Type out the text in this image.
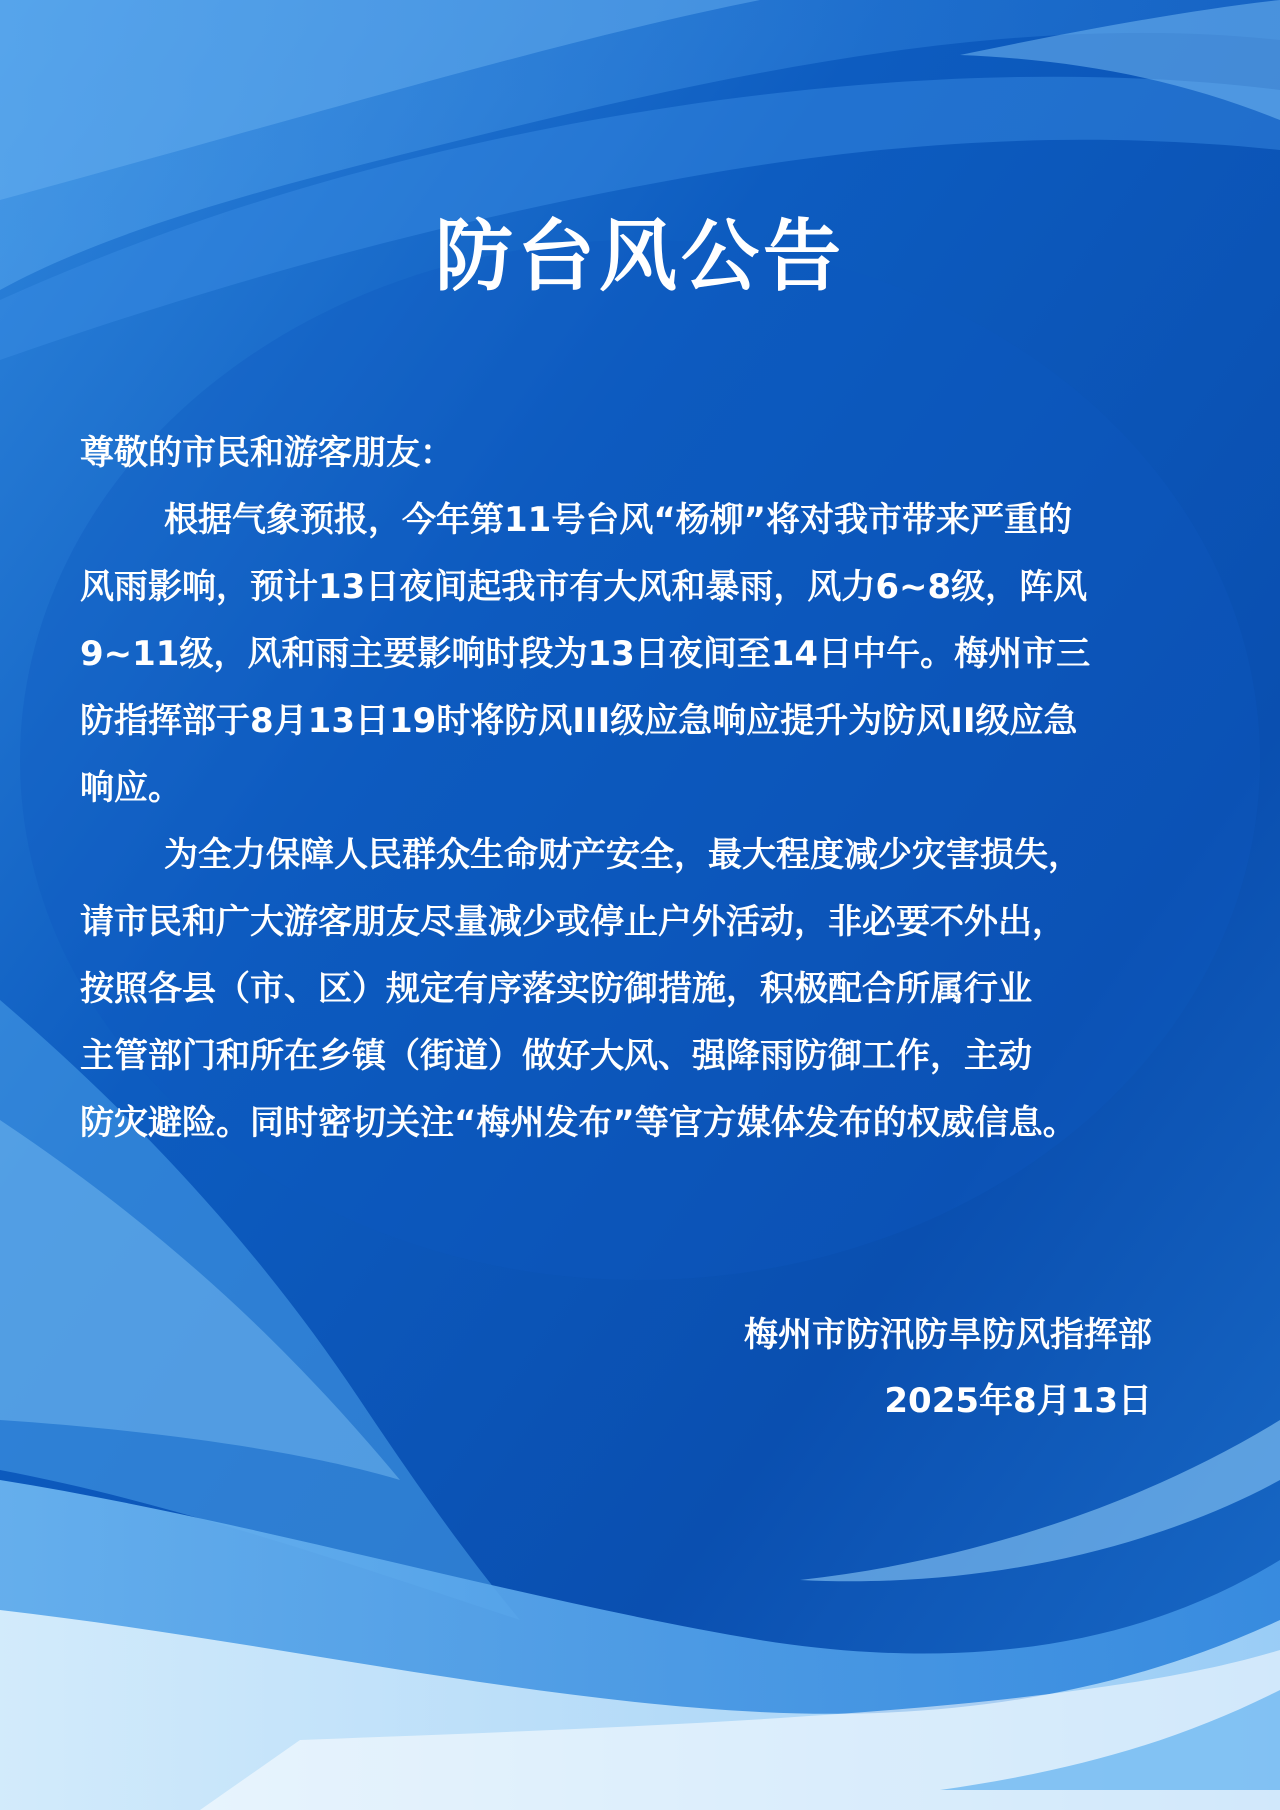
防台风公告
尊敬的市民和游客朋友：
根据气象预报，今年第11号台风“杨柳”将对我市带来严重的
风雨影响，预计13日夜间起我市有大风和暴雨，风力6~8级，阵风
9~11级，风和雨主要影响时段为13日夜间至14日中午。梅州市三
防指挥部于8月13日19时将防风III级应急响应提升为防风II级应急
响应。
为全力保障人民群众生命财产安全，最大程度减少灾害损失，
请市民和广大游客朋友尽量减少或停止户外活动，非必要不外出，
按照各县（市、区）规定有序落实防御措施，积极配合所属行业
主管部门和所在乡镇（街道）做好大风、强降雨防御工作，主动
防灾避险。同时密切关注“梅州发布”等官方媒体发布的权威信息。
梅州市防汛防旱防风指挥部
2025年8月13日
